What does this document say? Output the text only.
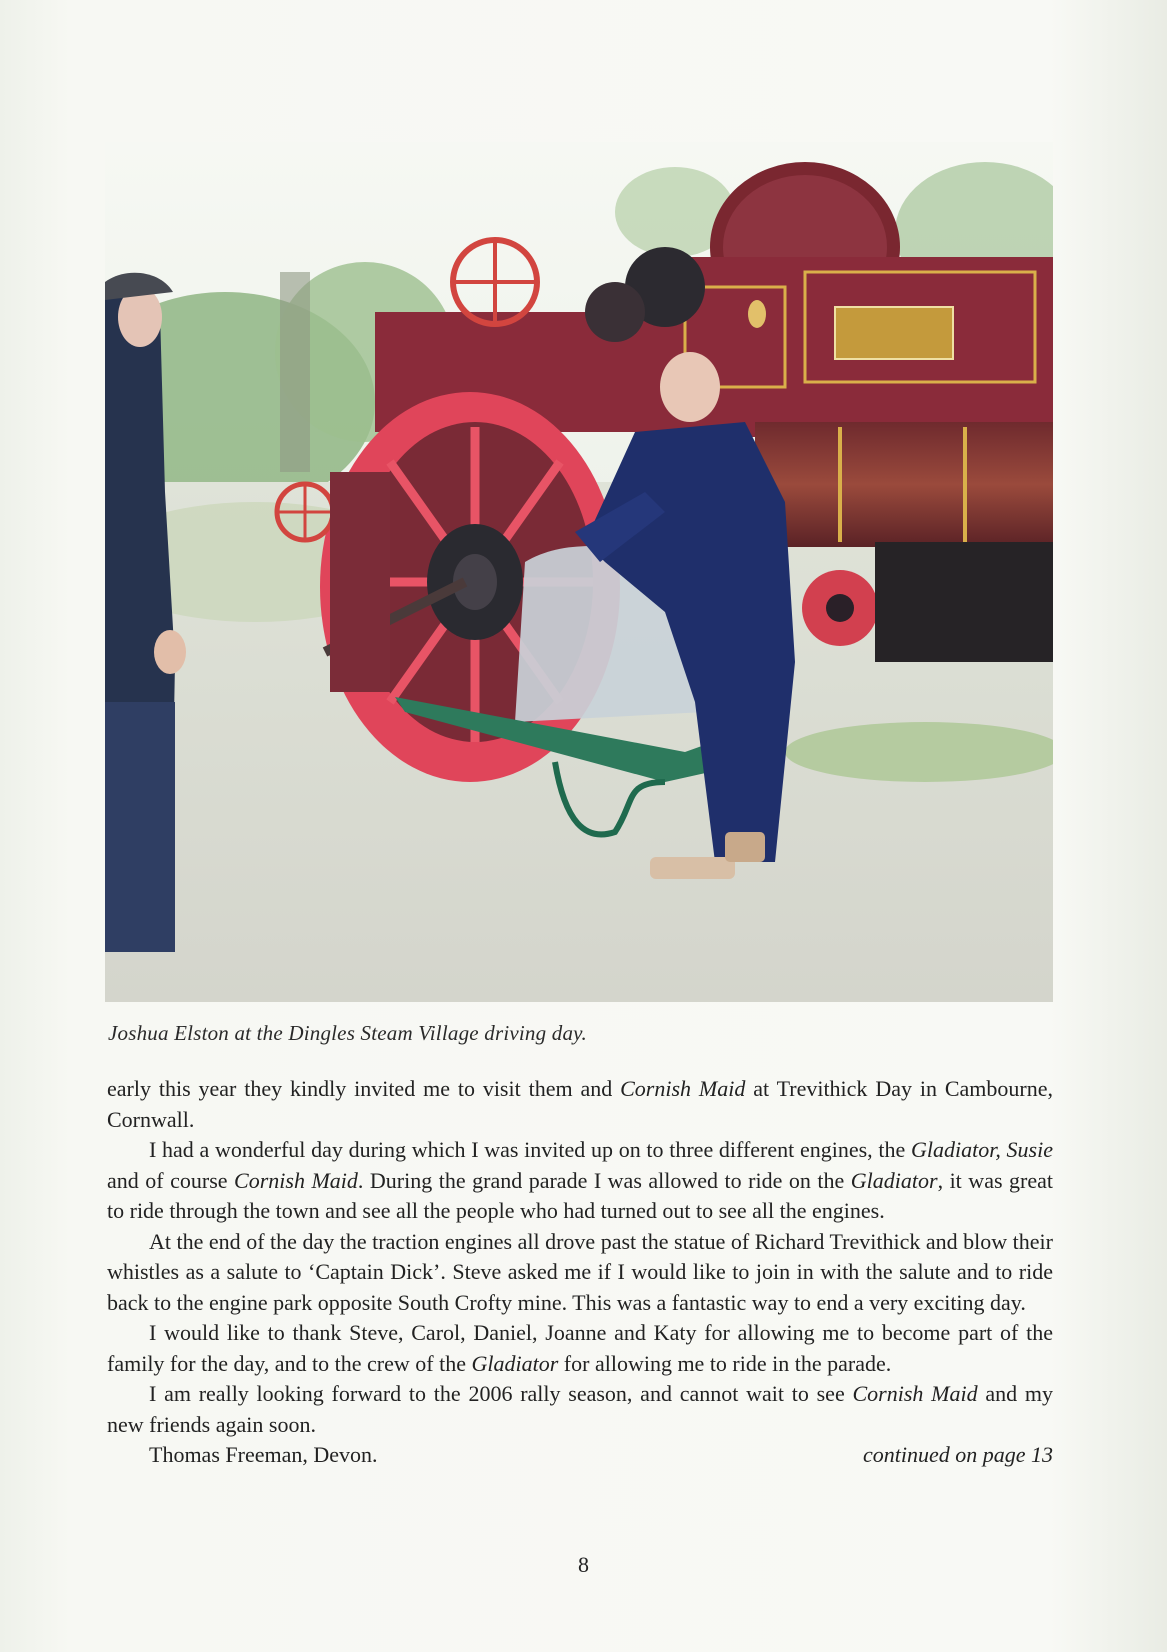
Joshua Elston at the Dingles Steam Village driving day.

early this year they kindly invited me to visit them and Cornish Maid at Trevithick Day in Cambourne, Cornwall.

I had a wonderful day during which I was invited up on to three different engines, the Gladiator, Susie and of course Cornish Maid. During the grand parade I was allowed to ride on the Gladiator, it was great to ride through the town and see all the people who had turned out to see all the engines.

At the end of the day the traction engines all drove past the statue of Richard Trevithick and blow their whistles as a salute to ‘Captain Dick’. Steve asked me if I would like to join in with the salute and to ride back to the engine park opposite South Crofty mine. This was a fantastic way to end a very exciting day.

I would like to thank Steve, Carol, Daniel, Joanne and Katy for allowing me to become part of the family for the day, and to the crew of the Gladiator for allowing me to ride in the parade.

I am really looking forward to the 2006 rally season, and cannot wait to see Cornish Maid and my new friends again soon.

Thomas Freeman, Devon.	continued on page 13
8
